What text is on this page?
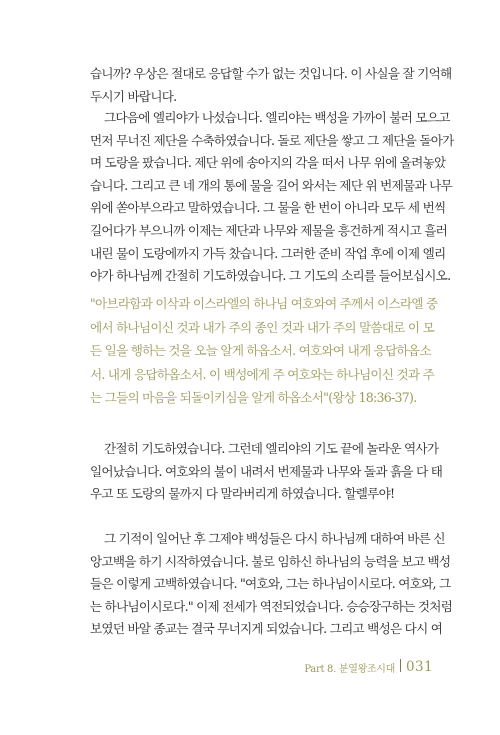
습니까? 우상은 절대로 응답할 수가 없는 것입니다. 이 사실을 잘 기억해
두시기 바랍니다.

그다음에 엘리야가 나섰습니다. 엘리야는 백성을 가까이 불러 모으고
먼저 무너진 제단을 수축하였습니다. 돌로 제단을 쌓고 그 제단을 돌아가
며 도랑을 팠습니다. 제단 위에 송아지의 각을 떠서 나무 위에 올려놓았
습니다. 그리고 큰 네 개의 통에 물을 길어 와서는 제단 위 번제물과 나무
위에 쏟아부으라고 말하였습니다. 그 물을 한 번이 아니라 모두 세 번씩
길어다가 부으니까 이제는 제단과 나무와 제물을 흥건하게 적시고 흘러
내린 물이 도랑에까지 가득 찼습니다. 그러한 준비 작업 후에 이제 엘리
야가 하나님께 간절히 기도하였습니다. 그 기도의 소리를 들어보십시오.

"아브라함과 이삭과 이스라엘의 하나님 여호와여 주께서 이스라엘 중
에서 하나님이신 것과 내가 주의 종인 것과 내가 주의 말씀대로 이 모
든 일을 행하는 것을 오늘 알게 하옵소서. 여호와여 내게 응답하옵소
서. 내게 응답하옵소서. 이 백성에게 주 여호와는 하나님이신 것과 주
는 그들의 마음을 되돌이키심을 알게 하옵소서"(왕상 18:36-37).

간절히 기도하였습니다. 그런데 엘리야의 기도 끝에 놀라운 역사가
일어났습니다. 여호와의 불이 내려서 번제물과 나무와 돌과 흙을 다 태
우고 또 도랑의 물까지 다 말라버리게 하였습니다. 할렐루야!

그 기적이 일어난 후 그제야 백성들은 다시 하나님께 대하여 바른 신
앙고백을 하기 시작하였습니다. 불로 임하신 하나님의 능력을 보고 백성
들은 이렇게 고백하였습니다. "여호와, 그는 하나님이시로다. 여호와, 그
는 하나님이시로다." 이제 전세가 역전되었습니다. 승승장구하는 것처럼
보였던 바알 종교는 결국 무너지게 되었습니다. 그리고 백성은 다시 여

Part 8. 분열왕조시대 031
